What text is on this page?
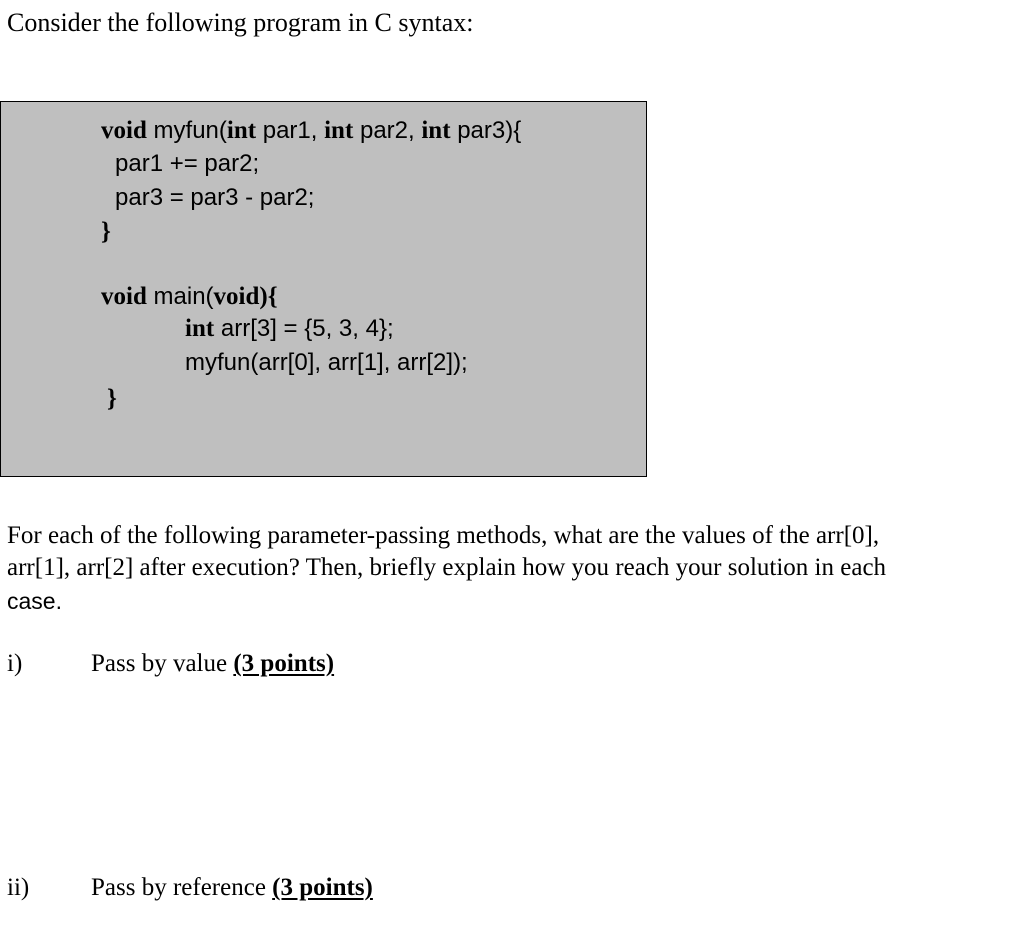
Consider the following program in C syntax:
void myfun(int par1, int par2, int par3){
par1 += par2;
par3 = par3 - par2;
}
void main(void){
int arr[3] = {5, 3, 4};
myfun(arr[0], arr[1], arr[2]);
}
For each of the following parameter-passing methods, what are the values of the arr[0],
arr[1], arr[2] after execution? Then, briefly explain how you reach your solution in each
case.
i)	Pass by value (3 points)
ii) Pass by reference (3 points)
